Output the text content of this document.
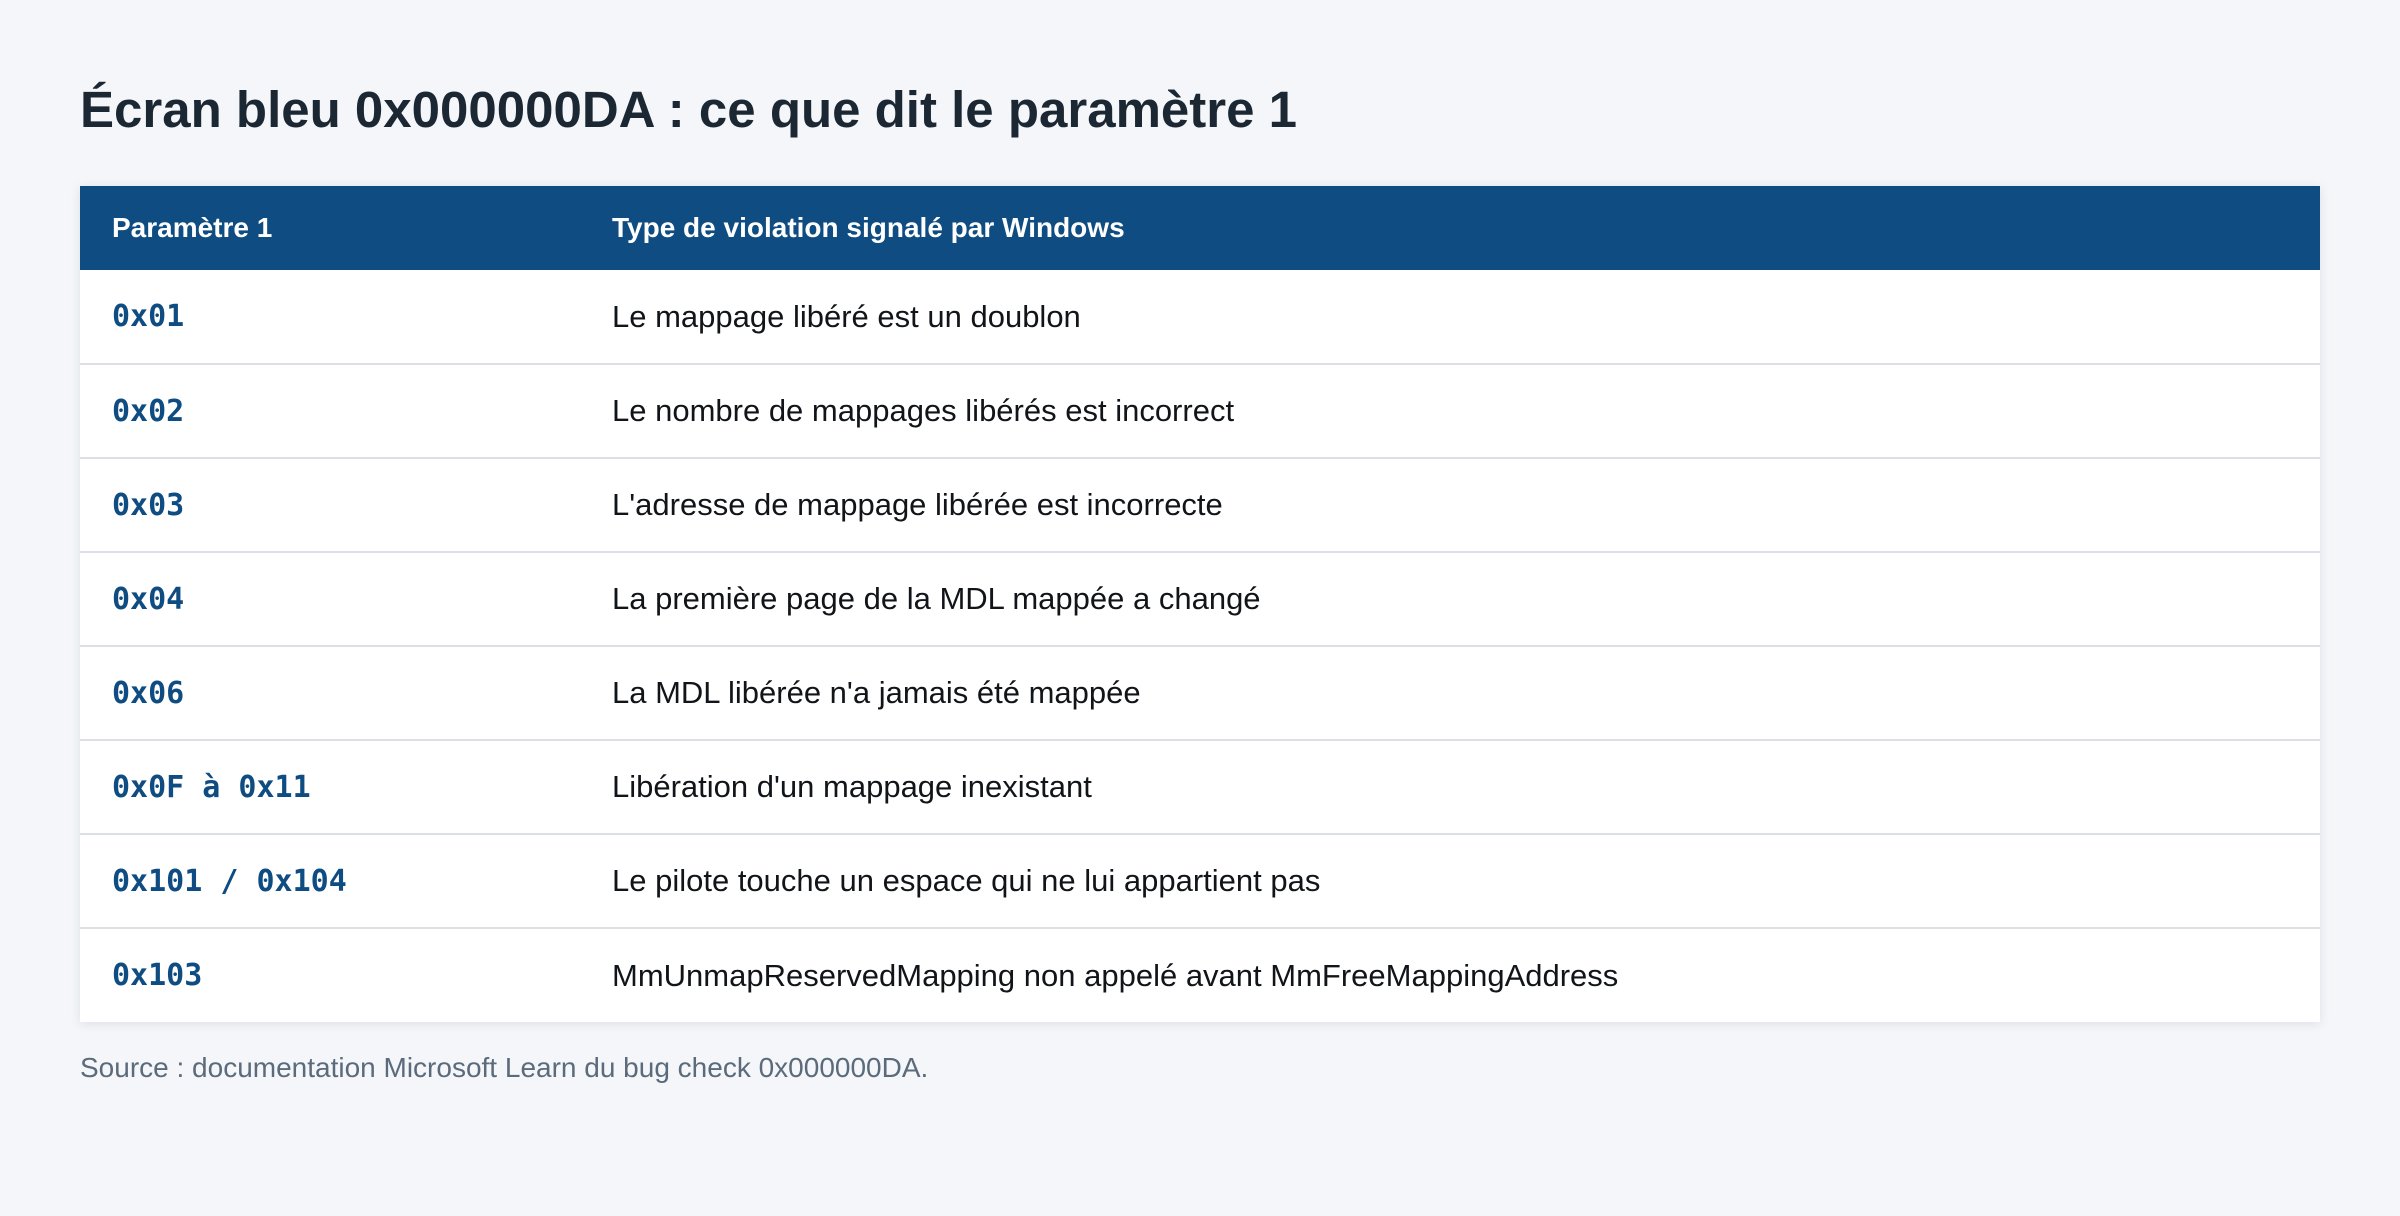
Écran bleu 0x000000DA : ce que dit le paramètre 1
Paramètre 1	Type de violation signalé par Windows
0x01	Le mappage libéré est un doublon
0x02	Le nombre de mappages libérés est incorrect
0x03	L'adresse de mappage libérée est incorrecte
0x04	La première page de la MDL mappée a changé
0x06	La MDL libérée n'a jamais été mappée
0x0F à 0x11	Libération d'un mappage inexistant
0x101 / 0x104	Le pilote touche un espace qui ne lui appartient pas
0x103	MmUnmapReservedMapping non appelé avant MmFreeMappingAddress

Source : documentation Microsoft Learn du bug check 0x000000DA.
